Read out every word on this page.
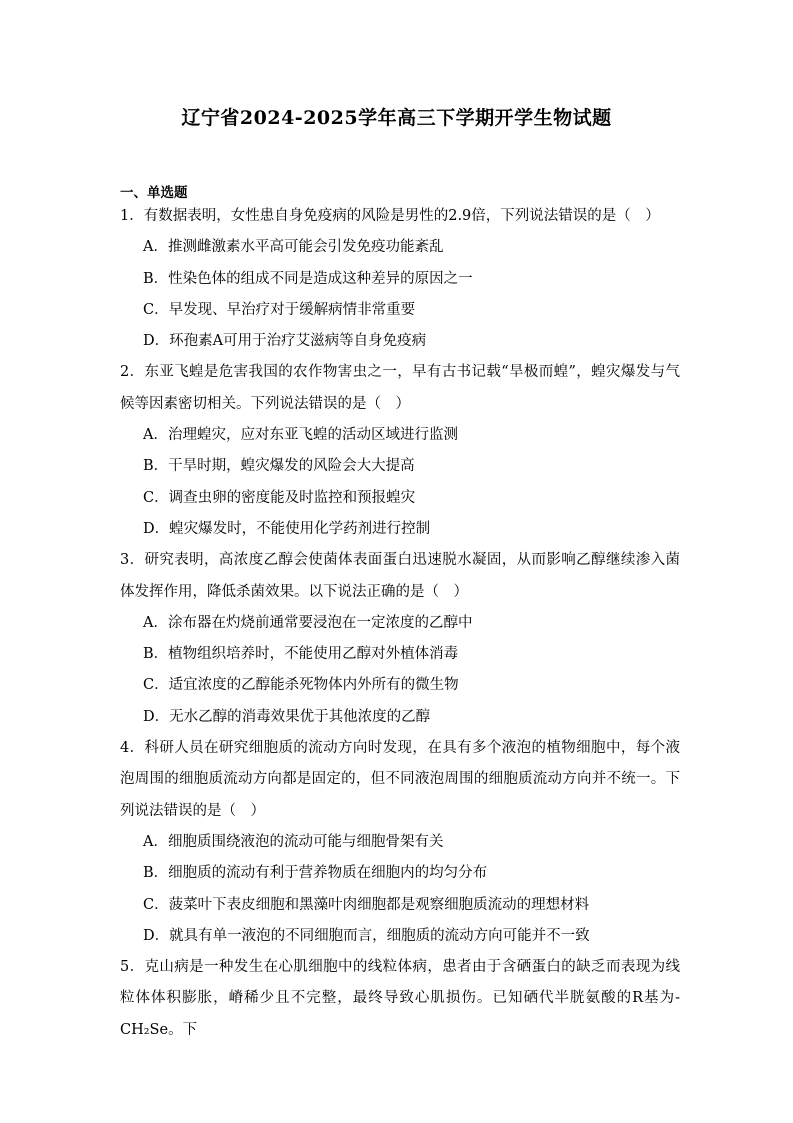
辽宁省2024-2025学年高三下学期开学生物试题
一、单选题

1．有数据表明，女性患自身免疫病的风险是男性的2.9倍，下列说法错误的是（　）

A．推测雌激素水平高可能会引发免疫功能紊乱

B．性染色体的组成不同是造成这种差异的原因之一

C．早发现、早治疗对于缓解病情非常重要

D．环孢素A可用于治疗艾滋病等自身免疫病

2．东亚飞蝗是危害我国的农作物害虫之一，早有古书记载“旱极而蝗”，蝗灾爆发与气候等因素密切相关。下列说法错误的是（　）

A．治理蝗灾，应对东亚飞蝗的活动区域进行监测

B．干旱时期，蝗灾爆发的风险会大大提高

C．调查虫卵的密度能及时监控和预报蝗灾

D．蝗灾爆发时，不能使用化学药剂进行控制

3．研究表明，高浓度乙醇会使菌体表面蛋白迅速脱水凝固，从而影响乙醇继续渗入菌体发挥作用，降低杀菌效果。以下说法正确的是（　）

A．涂布器在灼烧前通常要浸泡在一定浓度的乙醇中

B．植物组织培养时，不能使用乙醇对外植体消毒

C．适宜浓度的乙醇能杀死物体内外所有的微生物

D．无水乙醇的消毒效果优于其他浓度的乙醇

4．科研人员在研究细胞质的流动方向时发现，在具有多个液泡的植物细胞中，每个液泡周围的细胞质流动方向都是固定的，但不同液泡周围的细胞质流动方向并不统一。下列说法错误的是（　）

A．细胞质围绕液泡的流动可能与细胞骨架有关

B．细胞质的流动有利于营养物质在细胞内的均匀分布

C．菠菜叶下表皮细胞和黑藻叶肉细胞都是观察细胞质流动的理想材料

D．就具有单一液泡的不同细胞而言，细胞质的流动方向可能并不一致

5．克山病是一种发生在心肌细胞中的线粒体病，患者由于含硒蛋白的缺乏而表现为线粒体体积膨胀，嵴稀少且不完整，最终导致心肌损伤。已知硒代半胱氨酸的R基为-CH₂Se。下
